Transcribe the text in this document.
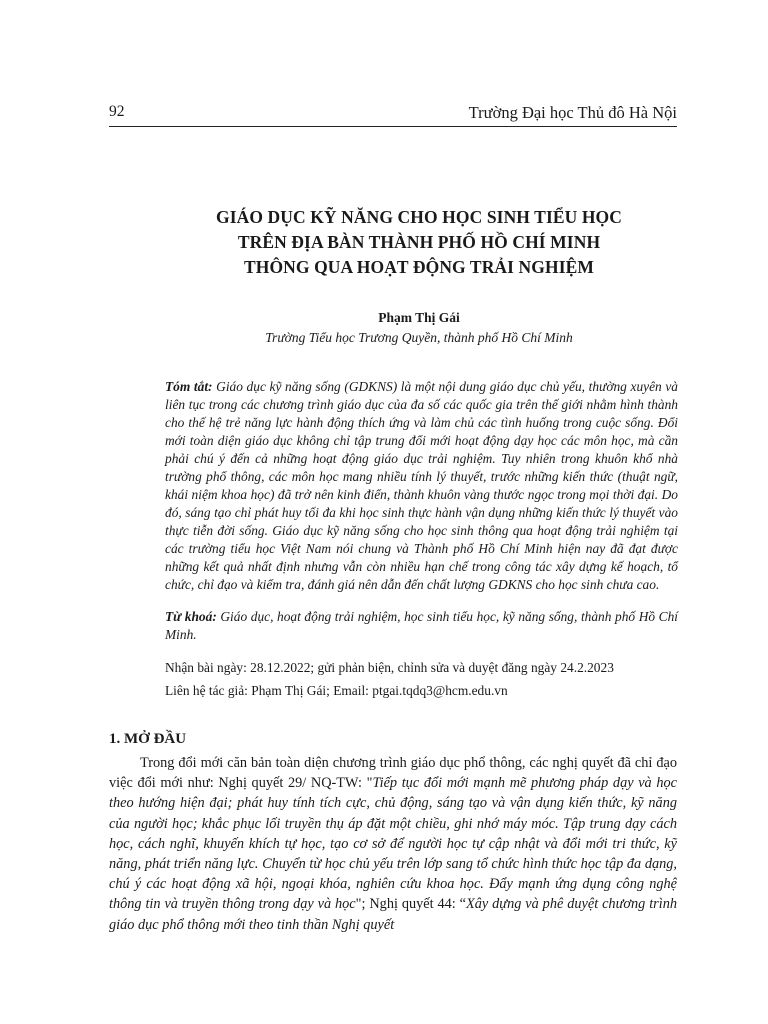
92	Trường Đại học Thủ đô Hà Nội
GIÁO DỤC KỸ NĂNG CHO HỌC SINH TIỂU HỌC
TRÊN ĐỊA BÀN THÀNH PHỐ HỒ CHÍ MINH
THÔNG QUA HOẠT ĐỘNG TRẢI NGHIỆM
Phạm Thị Gái
Trường Tiểu học Trương Quyền, thành phố Hồ Chí Minh
Tóm tắt: Giáo dục kỹ năng sống (GDKNS) là một nội dung giáo dục chủ yếu, thường xuyên và liên tục trong các chương trình giáo dục của đa số các quốc gia trên thế giới nhằm hình thành cho thế hệ trẻ năng lực hành động thích ứng và làm chủ các tình huống trong cuộc sống. Đổi mới toàn diện giáo dục không chỉ tập trung đổi mới hoạt động dạy học các môn học, mà cần phải chú ý đến cả những hoạt động giáo dục trải nghiệm. Tuy nhiên trong khuôn khổ nhà trường phổ thông, các môn học mang nhiều tính lý thuyết, trước những kiến thức (thuật ngữ, khái niệm khoa học) đã trở nên kinh điển, thành khuôn vàng thước ngọc trong mọi thời đại. Do đó, sáng tạo chỉ phát huy tối đa khi học sinh thực hành vận dụng những kiến thức lý thuyết vào thực tiễn đời sống. Giáo dục kỹ năng sống cho học sinh thông qua hoạt động trải nghiệm tại các trường tiểu học Việt Nam nói chung và Thành phố Hồ Chí Minh hiện nay đã đạt được những kết quả nhất định nhưng vẫn còn nhiều hạn chế trong công tác xây dựng kế hoạch, tổ chức, chỉ đạo và kiểm tra, đánh giá nên dẫn đến chất lượng GDKNS cho học sinh chưa cao.
Từ khoá: Giáo dục, hoạt động trải nghiệm, học sinh tiểu học, kỹ năng sống, thành phố Hồ Chí Minh.
Nhận bài ngày: 28.12.2022; gửi phản biện, chỉnh sửa và duyệt đăng ngày 24.2.2023
Liên hệ tác giả: Phạm Thị Gái; Email: ptgai.tqdq3@hcm.edu.vn
1. MỞ ĐẦU
Trong đổi mới căn bản toàn diện chương trình giáo dục phổ thông, các nghị quyết đã chỉ đạo việc đổi mới như: Nghị quyết 29/ NQ-TW: "Tiếp tục đổi mới mạnh mẽ phương pháp dạy và học theo hướng hiện đại; phát huy tính tích cực, chủ động, sáng tạo và vận dụng kiến thức, kỹ năng của người học; khắc phục lối truyền thụ áp đặt một chiều, ghi nhớ máy móc. Tập trung dạy cách học, cách nghĩ, khuyến khích tự học, tạo cơ sở để người học tự cập nhật và đổi mới tri thức, kỹ năng, phát triển năng lực. Chuyển từ học chủ yếu trên lớp sang tổ chức hình thức học tập đa dạng, chú ý các hoạt động xã hội, ngoại khóa, nghiên cứu khoa học. Đẩy mạnh ứng dụng công nghệ thông tin và truyền thông trong dạy và học"; Nghị quyết 44: “Xây dựng và phê duyệt chương trình giáo dục phổ thông mới theo tinh thần Nghị quyết
